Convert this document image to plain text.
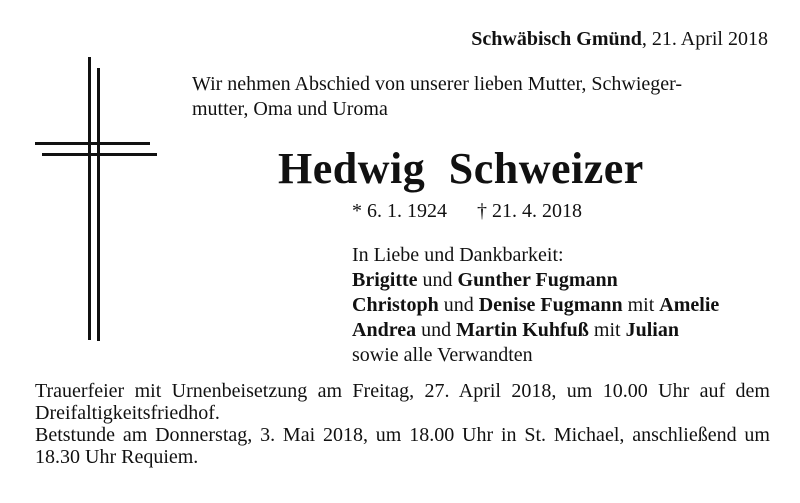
Schwäbisch Gmünd, 21. April 2018
Wir nehmen Abschied von unserer lieben Mutter, Schwieger-
mutter, Oma und Uroma
Hedwig Schweizer
* 6. 1. 1924 † 21. 4. 2018
In Liebe und Dankbarkeit:
Brigitte und Gunther Fugmann
Christoph und Denise Fugmann mit Amelie
Andrea und Martin Kuhfuß mit Julian
sowie alle Verwandten

Trauerfeier mit Urnenbeisetzung am Freitag, 27. April 2018, um 10.00 Uhr auf dem Dreifaltigkeitsfriedhof.

Betstunde am Donnerstag, 3. Mai 2018, um 18.00 Uhr in St. Michael, anschließend um 18.30 Uhr Requiem.
